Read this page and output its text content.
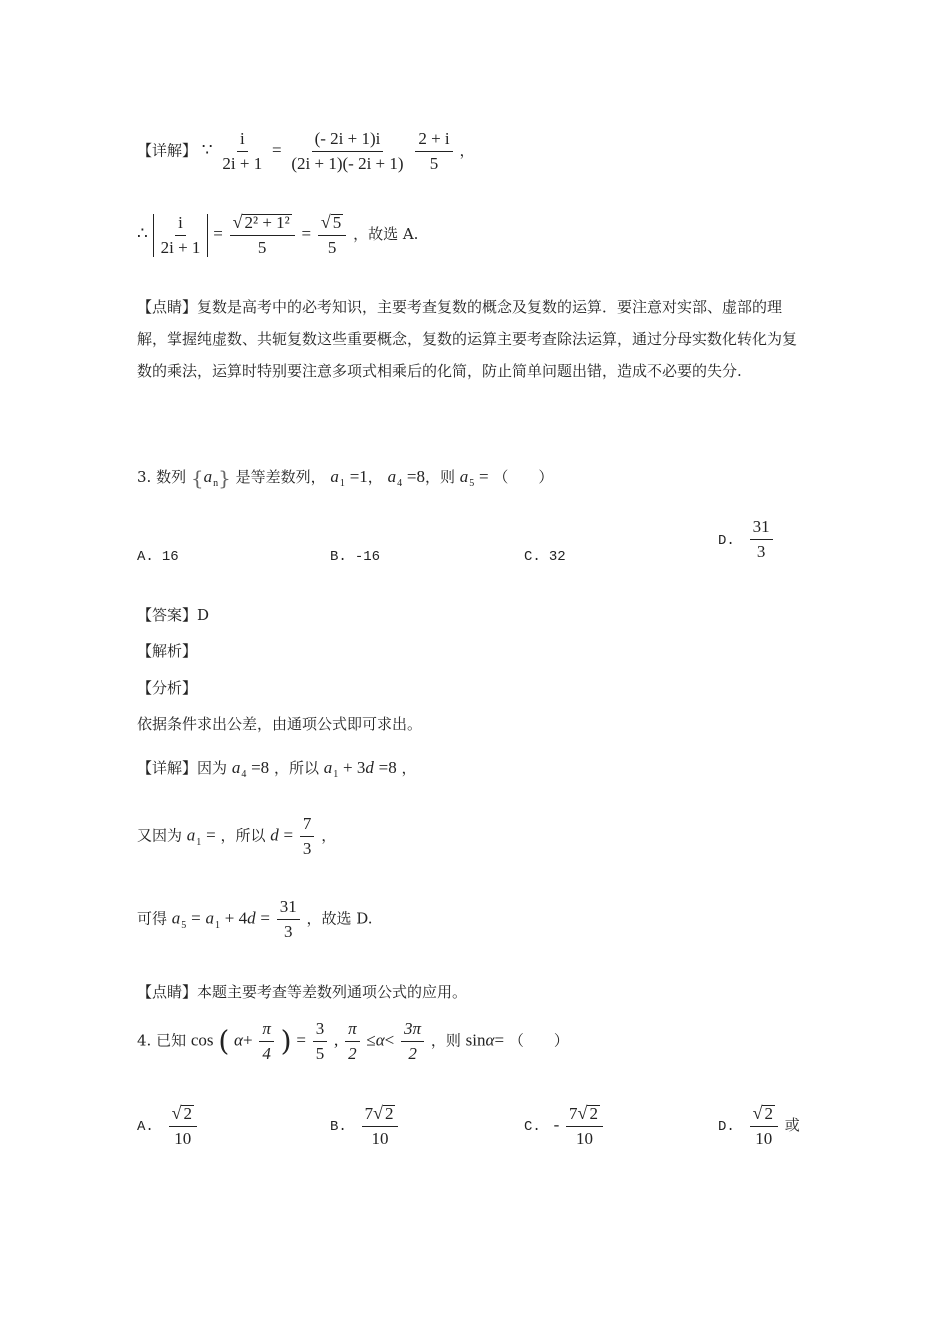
【详解】 ∵ $\frac{i}{2i + 1} = \frac{(- 2i + 1)i}{(2i + 1)(- 2i + 1)}$
$\frac{2 + i}{5}$ ，
∴ $\frac{i}{2i + 1} = \frac{\text{√ 2² + 1²}}{5} = \frac{√ 5}{5}$ ，故选 A.
【点睛】复数是高考中的必考知识，主要考查复数的概念及复数的运算．要注意对实部、虚部的理解，掌握纯虚数、共轭复数这些重要概念，复数的运算主要考查除法运算，通过分母实数化转化为复数的乘法，运算时特别要注意多项式相乘后的化简，防止简单问题出错，造成不必要的失分.
3. 数列 $\{a_n\}$ 是等差数列， $a_1 =1$， $a_4 =8$，则 $a_5$ = （　　）
A. 16	B. -16	C. 32
D. $\frac{31}{3}$
【答案】D
【解析】
【分析】
依据条件求出公差，由通项公式即可求出。
【详解】因为 $a_4 =8$ ，所以 $a_1 + 3d =8$ ，
又因为 $a_1$ = ，所以 $d = \frac{7}{3}$ ，
可得 $a_5 = a_1 + 4d = \frac{31}{3}$ ，故选 D.
【点睛】本题主要考查等差数列通项公式的应用。
4. 已知 cos ( $\alpha+ \frac{\pi}{4}$ ) = $\frac{3}{5}$ , $\frac{\pi}{2} \le\alpha< \frac{3\pi}{2}$ ，则 sinα= （　　）
A. $\frac{√ 2}{10}$	B. $\frac{7 √ 2}{10}$	C. - $\frac{7 √ 2}{10}$	D. $\frac{√ 2}{10}$ 或
